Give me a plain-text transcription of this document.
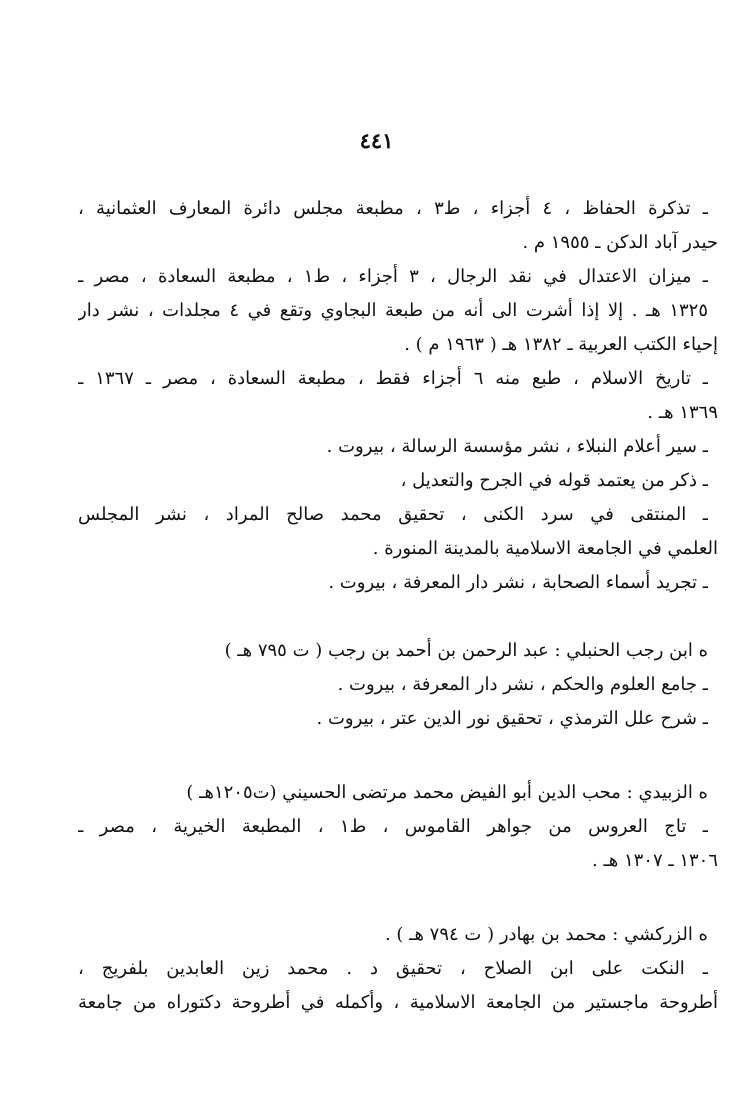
٤٤١
ـ تذكرة الحفاظ ، ٤ أجزاء ، ط٣ ، مطبعة مجلس دائرة المعارف العثمانية ،
حيدر آباد الدكن ـ ١٩٥٥ م .
ـ ميزان الاعتدال في نقد الرجال ، ٣ أجزاء ، ط١ ، مطبعة السعادة ، مصر ـ
١٣٢٥ هـ . إلا إذا أشرت الى أنه من طبعة البجاوي وتقع في ٤ مجلدات ، نشر دار
إحياء الكتب العربية ـ ١٣٨٢ هـ ( ١٩٦٣ م ) .
ـ تاريخ الاسلام ، طبع منه ٦ أجزاء فقط ، مطبعة السعادة ، مصر ـ ١٣٦٧ ـ
١٣٦٩ هـ .
ـ سير أعلام النبلاء ، نشر مؤسسة الرسالة ، بيروت .
ـ ذكر من يعتمد قوله في الجرح والتعديل ،
ـ المنتقى في سرد الكنى ، تحقيق محمد صالح المراد ، نشر المجلس
العلمي في الجامعة الاسلامية بالمدينة المنورة .
ـ تجريد أسماء الصحابة ، نشر دار المعرفة ، بيروت .
ه ابن رجب الحنبلي : عبد الرحمن بن أحمد بن رجب ( ت ٧٩٥ هـ )
ـ جامع العلوم والحكم ، نشر دار المعرفة ، بيروت .
ـ شرح علل الترمذي ، تحقيق نور الدين عتر ، بيروت .
ه الزبيدي : محب الدين أبو الفيض محمد مرتضى الحسيني (ت١٢٠٥هـ )
ـ تاج العروس من جواهر القاموس ، ط١ ، المطبعة الخيرية ، مصر ـ
١٣٠٦ ـ ١٣٠٧ هـ .
ه الزركشي : محمد بن بهادر ( ت ٧٩٤ هـ ) .
ـ النكت على ابن الصلاح ، تحقيق د . محمد زين العابدين بلفريج ،
أطروحة ماجستير من الجامعة الاسلامية ، وأكمله في أطروحة دكتوراه من جامعة
